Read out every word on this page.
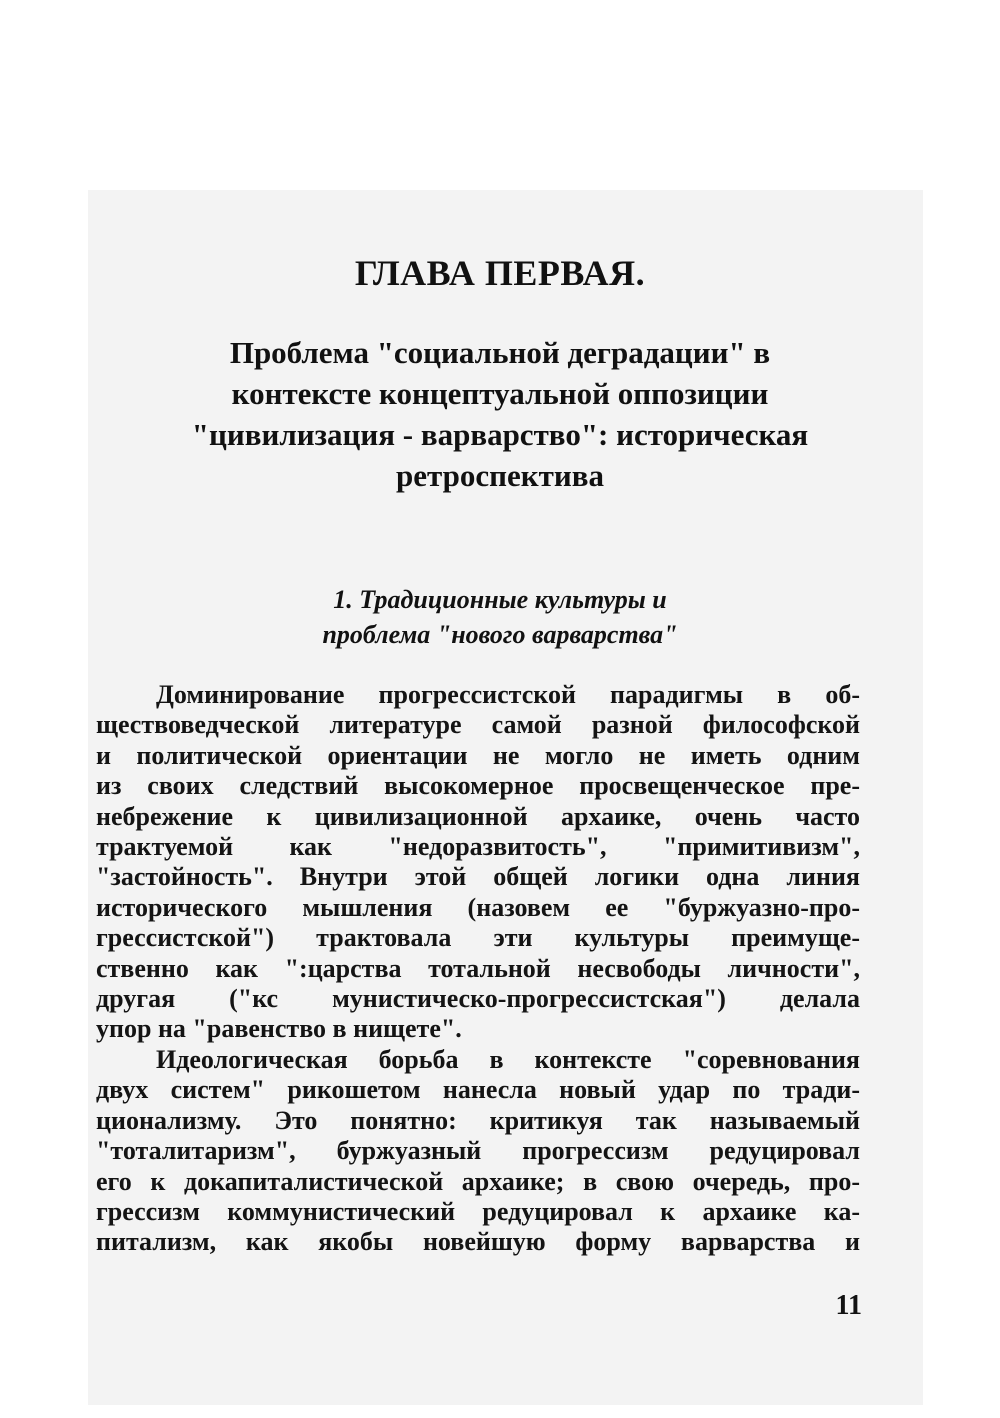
ГЛАВА ПЕРВАЯ.
Проблема "социальной деградации" в
контексте концептуальной оппозиции
"цивилизация - варварство": историческая
ретроспектива
1. Традиционные культуры и
проблема "нового варварства"
Доминирование прогрессистской парадигмы в об-
ществоведческой литературе самой разной философской
и политической ориентации не могло не иметь одним
из своих следствий высокомерное просвещенческое пре-
небрежение к цивилизационной архаике, очень часто
трактуемой как "недоразвитость", "примитивизм",
"застойность". Внутри этой общей логики одна линия
исторического мышления (назовем ее "буржуазно-про-
грессистской") трактовала эти культуры преимуще-
ственно как ":царства тотальной несвободы личности",
другая ("кс мунистическо-прогрессистская") делала
упор на "равенство в нищете".
Идеологическая борьба в контексте "соревнования
двух систем" рикошетом нанесла новый удар по тради-
ционализму. Это понятно: критикуя так называемый
"тоталитаризм", буржуазный прогрессизм редуцировал
его к докапиталистической архаике; в свою очередь, про-
грессизм коммунистический редуцировал к архаике ка-
питализм, как якобы новейшую форму варварства и
11
